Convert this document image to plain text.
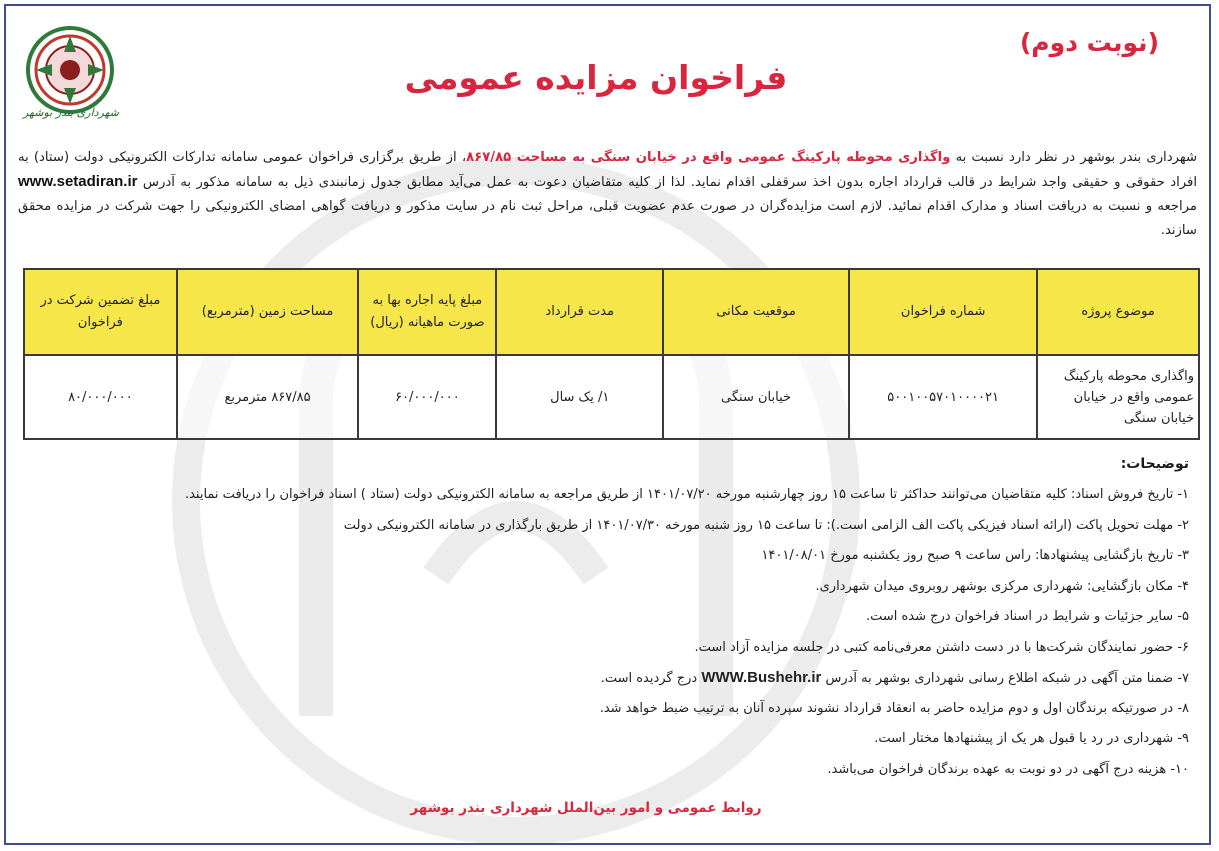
شهرداری بندر بوشهر
(نوبت دوم)
فراخوان مزایده عمومی
شهرداری بندر بوشهر در نظر دارد نسبت به واگذاری محوطه پارکینگ عمومی واقع در خیابان سنگی به مساحت ۸۶۷/۸۵، از طریق برگزاری فراخوان عمومی سامانه تدارکات الکترونیکی دولت (ستاد) به افراد حقوقی و حقیقی واجد شرایط در قالب قرارداد اجاره بدون اخذ سرقفلی اقدام نماید. لذا از کلیه متقاضیان دعوت به عمل می‌آید مطابق جدول زمانبندی ذیل به سامانه مذکور به آدرس www.setadiran.ir مراجعه و نسبت به دریافت اسناد و مدارک اقدام نمائید. لازم است مزایده‌گران در صورت عدم عضویت قبلی، مراحل ثبت نام در سایت مذکور و دریافت گواهی امضای الکترونیکی را جهت شرکت در مزایده محقق سازند.
موضوع پروژه	شماره فراخوان	موقعیت مکانی	مدت قرارداد	مبلغ پایه اجاره بها به صورت ماهیانه (ریال)	مساحت زمین (مترمربع)	مبلغ تضمین شرکت در فراخوان
واگذاری محوطه پارکینگ عمومی واقع در خیابان خیابان سنگی	۵۰۰۱۰۰۵۷۰۱۰۰۰۰۲۱	خیابان سنگی	۱/ یک سال	۶۰/۰۰۰/۰۰۰	۸۶۷/۸۵ مترمربع	۸۰/۰۰۰/۰۰۰
توضیحات:
۱- تاریخ فروش اسناد: کلیه متقاضیان می‌توانند حداکثر تا ساعت ۱۵ روز چهارشنبه مورخه ۱۴۰۱/۰۷/۲۰ از طریق مراجعه به سامانه الکترونیکی دولت (ستاد ) اسناد فراخوان را دریافت نمایند.
۲- مهلت تحویل پاکت (ارائه اسناد فیزیکی پاکت الف الزامی است.): تا ساعت ۱۵ روز شنبه مورخه ۱۴۰۱/۰۷/۳۰ از طریق بارگذاری در سامانه الکترونیکی دولت
۳- تاریخ بازگشایی پیشنهادها: راس ساعت ۹ صبح روز یکشنبه مورخ ۱۴۰۱/۰۸/۰۱
۴- مکان بازگشایی: شهرداری مرکزی بوشهر روبروی میدان شهرداری.
۵- سایر جزئیات و شرایط در اسناد فراخوان درج شده است.
۶- حضور نمایندگان شرکت‌ها با در دست داشتن معرفی‌نامه کتبی در جلسه مزایده آزاد است.
۷- ضمنا متن آگهی در شبکه اطلاع رسانی شهرداری بوشهر به آدرس WWW.Bushehr.ir درج گردیده است.
۸- در صورتیکه برندگان اول و دوم مزایده حاضر به انعقاد قرارداد نشوند سپرده آنان به ترتیب ضبط خواهد شد.
۹- شهرداری در رد یا قبول هر یک از پیشنهادها مختار است.
۱۰- هزینه درج آگهی در دو نوبت به عهده برندگان فراخوان می‌باشد.
روابط عمومی و امور بین‌الملل شهرداری بندر بوشهر
